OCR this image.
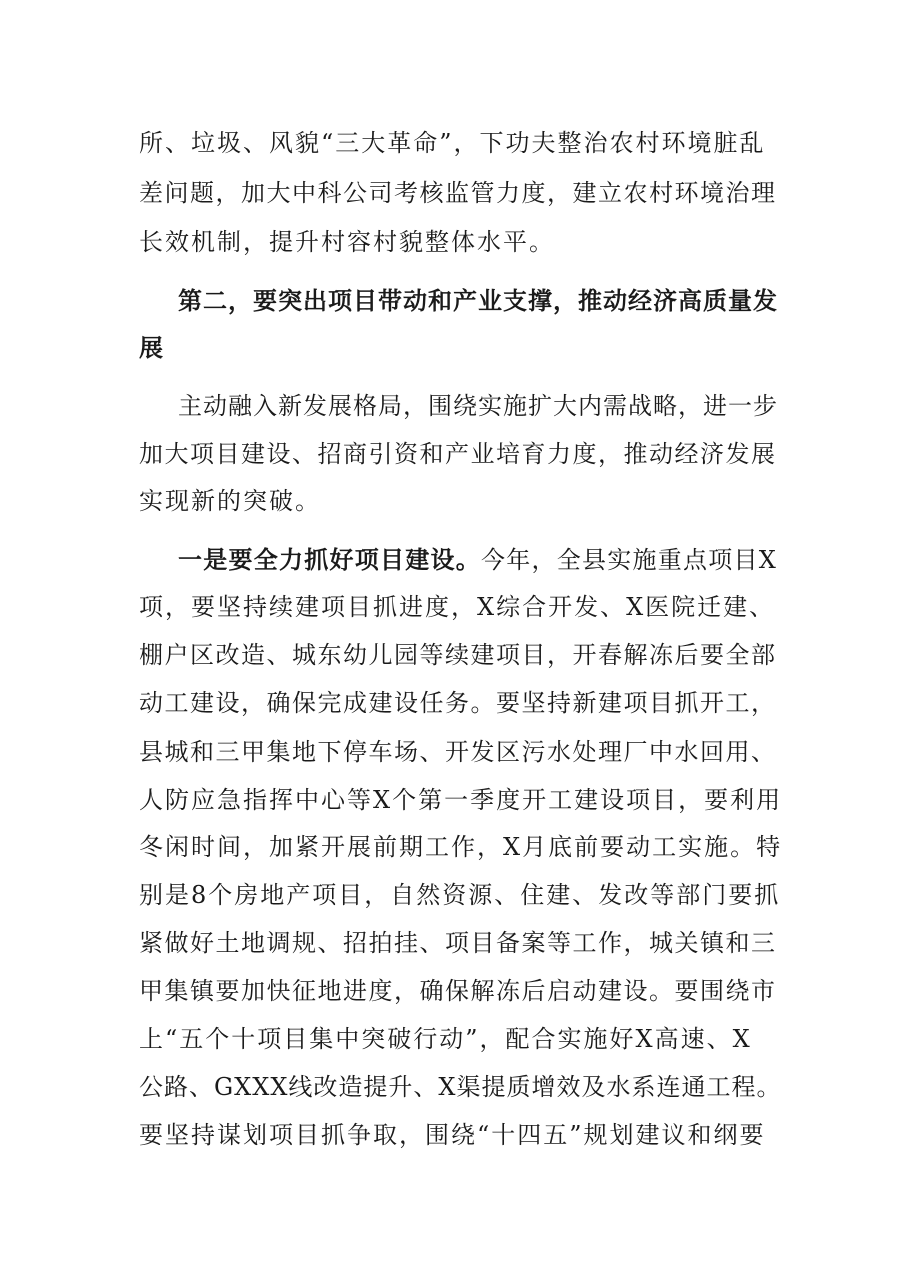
所、垃圾、风貌“三大革命”，下功夫整治农村环境脏乱
差问题，加大中科公司考核监管力度，建立农村环境治理
长效机制，提升村容村貌整体水平。
第二，要突出项目带动和产业支撑，推动经济高质量发
展
主动融入新发展格局，围绕实施扩大内需战略，进一步
加大项目建设、招商引资和产业培育力度，推动经济发展
实现新的突破。
一是要全力抓好项目建设。今年，全县实施重点项目X
项，要坚持续建项目抓进度，X综合开发、X医院迁建、
棚户区改造、城东幼儿园等续建项目，开春解冻后要全部
动工建设，确保完成建设任务。要坚持新建项目抓开工，
县城和三甲集地下停车场、开发区污水处理厂中水回用、
人防应急指挥中心等X个第一季度开工建设项目，要利用
冬闲时间，加紧开展前期工作，X月底前要动工实施。特
别是8个房地产项目，自然资源、住建、发改等部门要抓
紧做好土地调规、招拍挂、项目备案等工作，城关镇和三
甲集镇要加快征地进度，确保解冻后启动建设。要围绕市
上“五个十项目集中突破行动”，配合实施好X高速、X
公路、GXXX线改造提升、X渠提质增效及水系连通工程。
要坚持谋划项目抓争取，围绕“十四五”规划建议和纲要
